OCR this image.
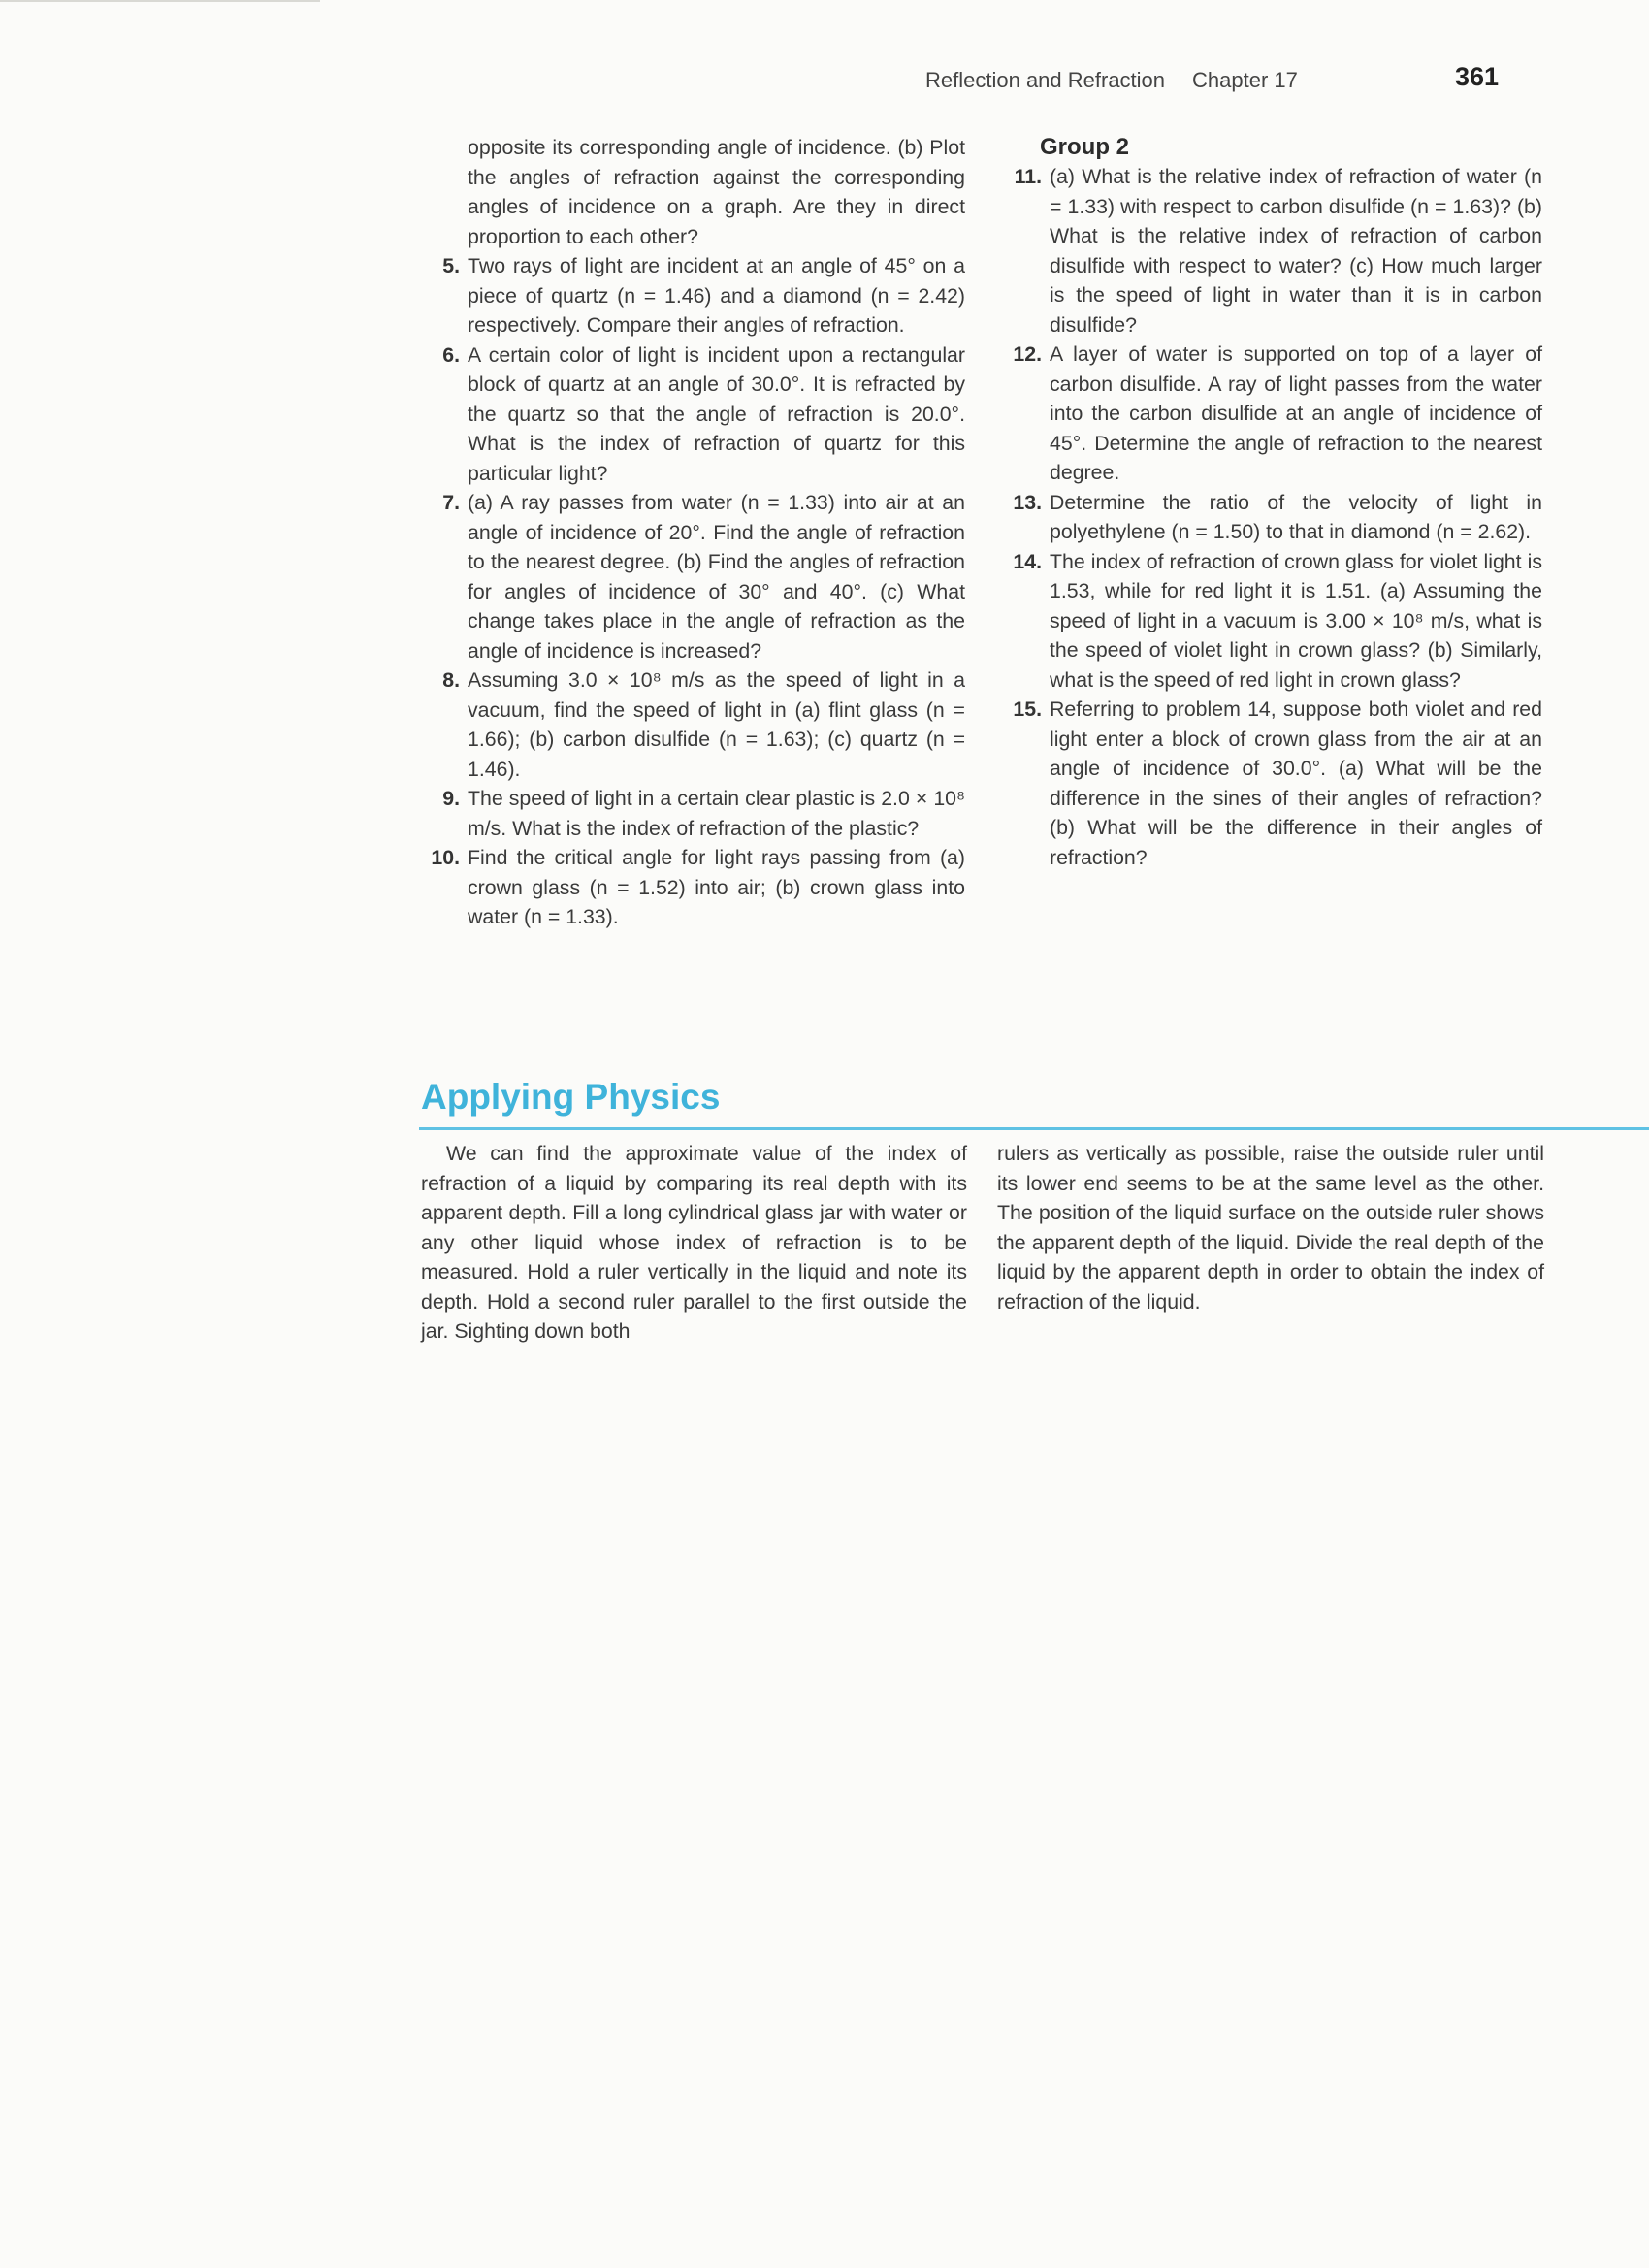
Reflection and Refraction Chapter 17	361
opposite its corresponding angle of incidence. (b) Plot the angles of refraction against the corresponding angles of incidence on a graph. Are they in direct proportion to each other?
5. Two rays of light are incident at an angle of 45° on a piece of quartz (n = 1.46) and a diamond (n = 2.42) respectively. Compare their angles of refraction.
6. A certain color of light is incident upon a rectangular block of quartz at an angle of 30.0°. It is refracted by the quartz so that the angle of refraction is 20.0°. What is the index of refraction of quartz for this particular light?
7. (a) A ray passes from water (n = 1.33) into air at an angle of incidence of 20°. Find the angle of refraction to the nearest degree. (b) Find the angles of refraction for angles of incidence of 30° and 40°. (c) What change takes place in the angle of refraction as the angle of incidence is increased?
8. Assuming 3.0 × 10⁸ m/s as the speed of light in a vacuum, find the speed of light in (a) flint glass (n = 1.66); (b) carbon disulfide (n = 1.63); (c) quartz (n = 1.46).
9. The speed of light in a certain clear plastic is 2.0 × 10⁸ m/s. What is the index of refraction of the plastic?
10. Find the critical angle for light rays passing from (a) crown glass (n = 1.52) into air; (b) crown glass into water (n = 1.33).
Group 2
11. (a) What is the relative index of refraction of water (n = 1.33) with respect to carbon disulfide (n = 1.63)? (b) What is the relative index of refraction of carbon disulfide with respect to water? (c) How much larger is the speed of light in water than it is in carbon disulfide?
12. A layer of water is supported on top of a layer of carbon disulfide. A ray of light passes from the water into the carbon disulfide at an angle of incidence of 45°. Determine the angle of refraction to the nearest degree.
13. Determine the ratio of the velocity of light in polyethylene (n = 1.50) to that in diamond (n = 2.62).
14. The index of refraction of crown glass for violet light is 1.53, while for red light it is 1.51. (a) Assuming the speed of light in a vacuum is 3.00 × 10⁸ m/s, what is the speed of violet light in crown glass? (b) Similarly, what is the speed of red light in crown glass?
15. Referring to problem 14, suppose both violet and red light enter a block of crown glass from the air at an angle of incidence of 30.0°. (a) What will be the difference in the sines of their angles of refraction? (b) What will be the difference in their angles of refraction?
Applying Physics
We can find the approximate value of the index of refraction of a liquid by comparing its real depth with its apparent depth. Fill a long cylindrical glass jar with water or any other liquid whose index of refraction is to be measured. Hold a ruler vertically in the liquid and note its depth. Hold a second ruler parallel to the first outside the jar. Sighting down both
rulers as vertically as possible, raise the outside ruler until its lower end seems to be at the same level as the other. The position of the liquid surface on the outside ruler shows the apparent depth of the liquid. Divide the real depth of the liquid by the apparent depth in order to obtain the index of refraction of the liquid.
